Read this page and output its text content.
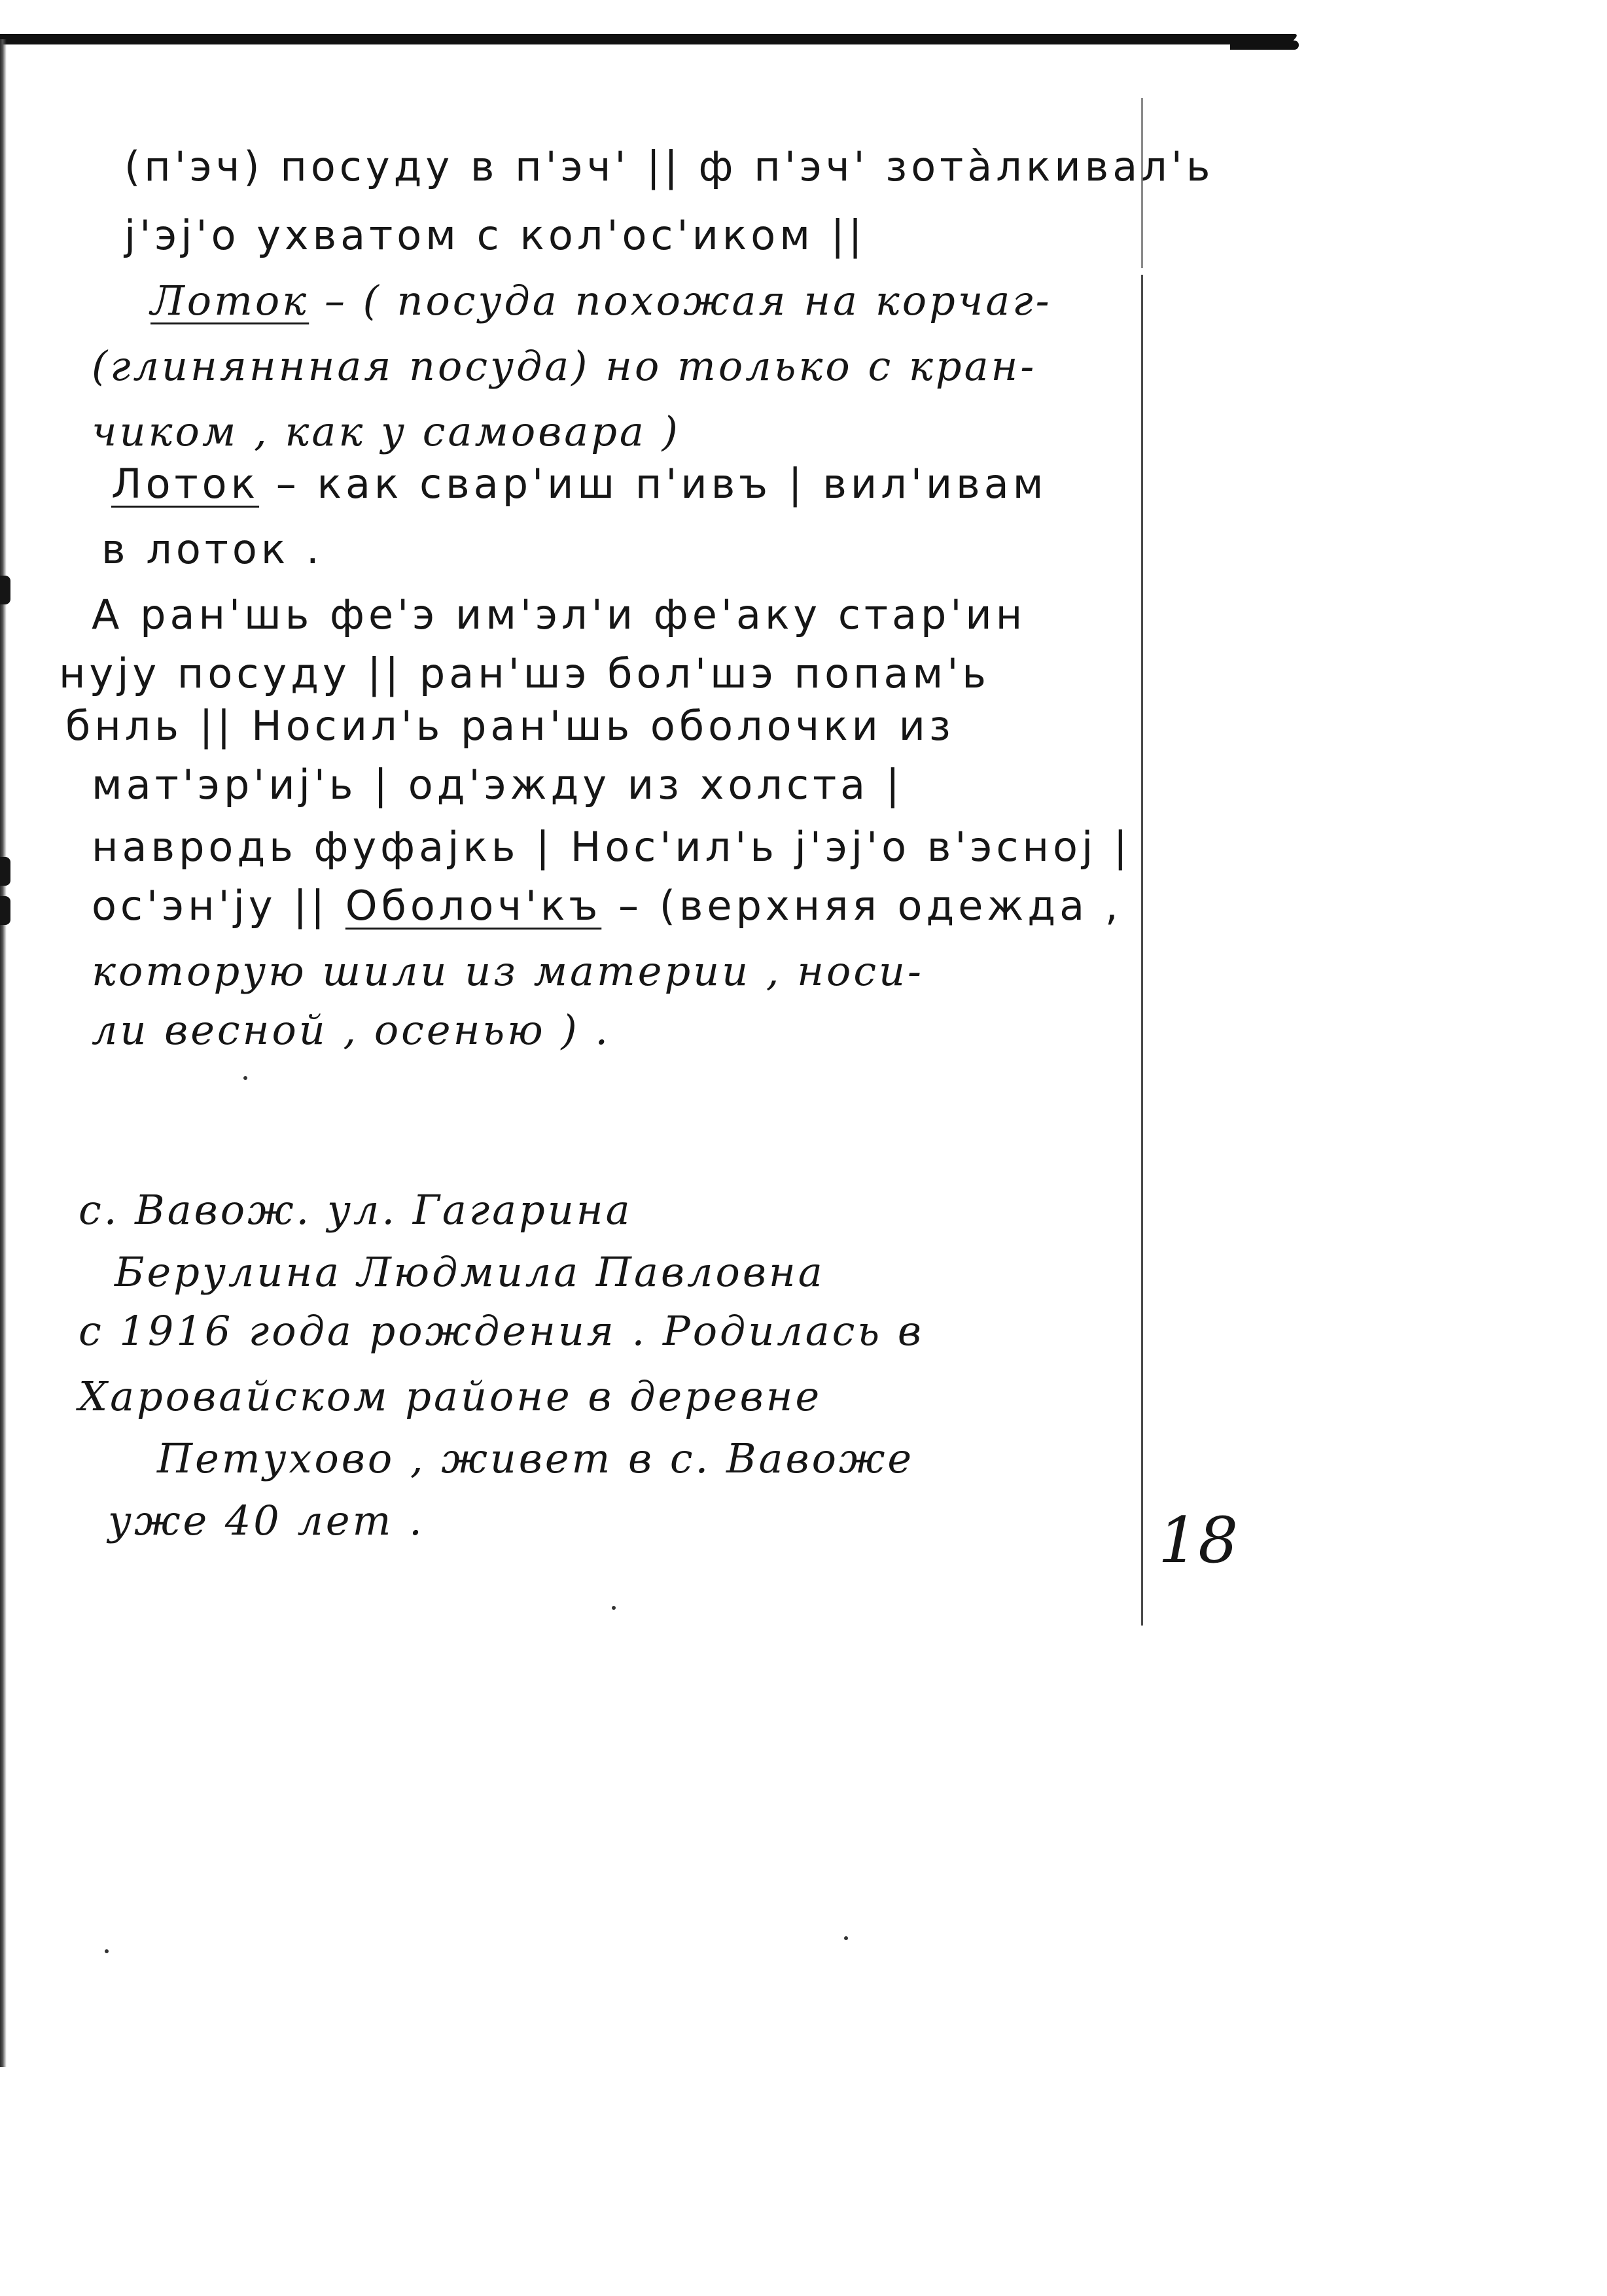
(п'эч) посуду в п'эч' || ф п'эч' зотàлкивал'ь
ј'эј'о ухватом с кол'ос'иком ||
Лоток – ( посуда похожая на корчаг-
(глиняннная посуда) но только с кран-
чиком , как у самовара )
Лоток – как свар'иш п'ивъ | вил'ивам
в лоток .
А ран'шь фе'э им'эл'и фе'аку стар'ин
нују посуду || ран'шэ бол'шэ попам'ь
бнль || Носил'ь ран'шь оболочки из
мат'эр'иј'ь | од'эжду из холста |
навродь фуфајкь | Нос'ил'ь ј'эј'о в'эсној |
ос'эн'ју || Оболоч'къ – (верхняя одежда ,
которую шили из материи , носи-
ли весной , осенью ) .
с. Вавож. ул. Гагарина
Берулина Людмила Павловна
с 1916 года рождения . Родилась в
Харовайском районе в деревне
Петухово , живет в с. Вавоже
уже 40 лет .	18
